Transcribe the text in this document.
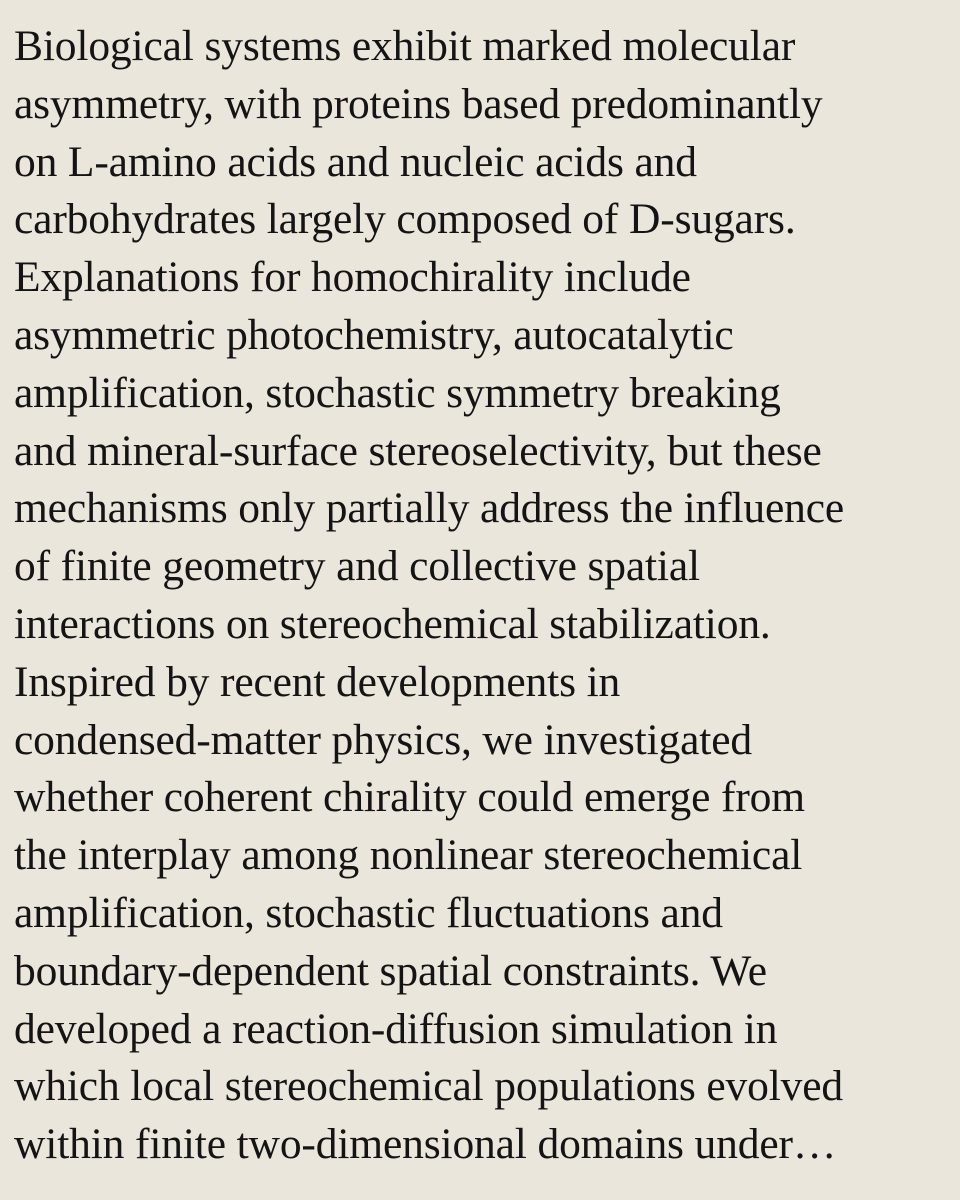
Biological systems exhibit marked molecular
asymmetry, with proteins based predominantly
on L-amino acids and nucleic acids and
carbohydrates largely composed of D-sugars.
Explanations for homochirality include
asymmetric photochemistry, autocatalytic
amplification, stochastic symmetry breaking
and mineral-surface stereoselectivity, but these
mechanisms only partially address the influence
of finite geometry and collective spatial
interactions on stereochemical stabilization.
Inspired by recent developments in
condensed-matter physics, we investigated
whether coherent chirality could emerge from
the interplay among nonlinear stereochemical
amplification, stochastic fluctuations and
boundary-dependent spatial constraints. We
developed a reaction-diffusion simulation in
which local stereochemical populations evolved
within finite two-dimensional domains under…
